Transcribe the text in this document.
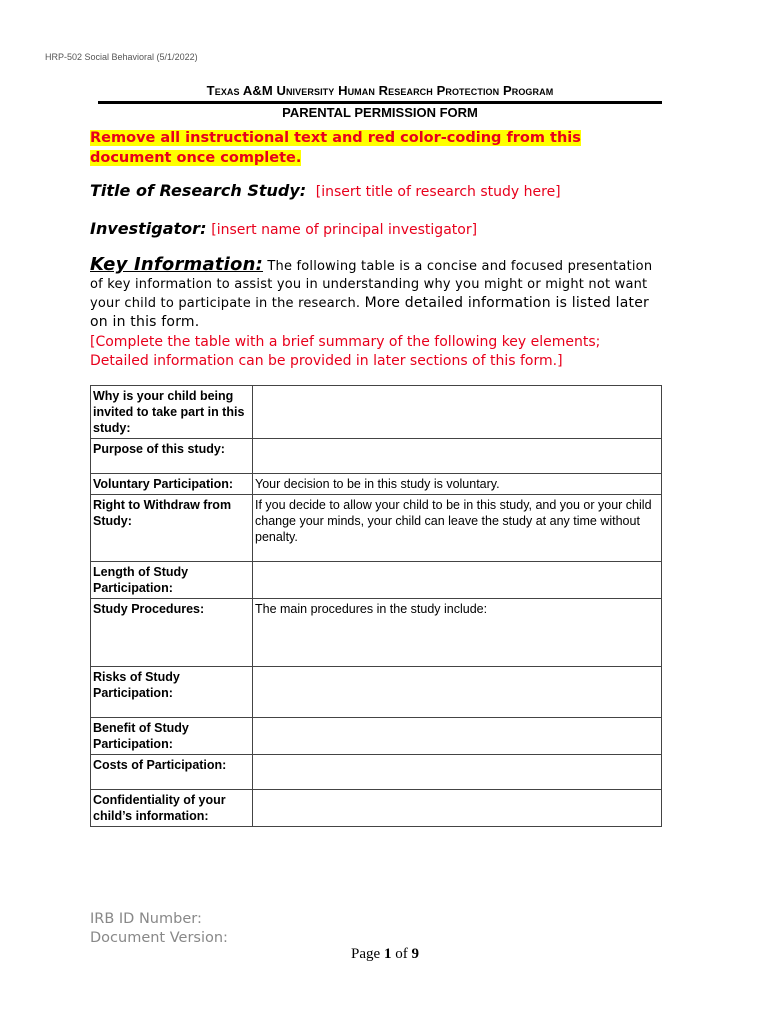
HRP-502 Social Behavioral (5/1/2022)
Texas A&M University Human Research Protection Program
PARENTAL PERMISSION FORM
Remove all instructional text and red color-coding from this document once complete.
Title of Research Study: [insert title of research study here]
Investigator: [insert name of principal investigator]
Key Information: The following table is a concise and focused presentation of key information to assist you in understanding why you might or might not want your child to participate in the research. More detailed information is listed later on in this form.
[Complete the table with a brief summary of the following key elements; Detailed information can be provided in later sections of this form.]
Why is your child being invited to take part in this study:	
Purpose of this study:	
Voluntary Participation:	Your decision to be in this study is voluntary.
Right to Withdraw from Study:	If you decide to allow your child to be in this study, and you or your child change your minds, your child can leave the study at any time without penalty.
Length of Study Participation:	
Study Procedures:	The main procedures in the study include:
Risks of Study Participation:	
Benefit of Study Participation:	
Costs of Participation:	
Confidentiality of your child’s information:	
IRB ID Number:
Document Version:
Page 1 of 9
